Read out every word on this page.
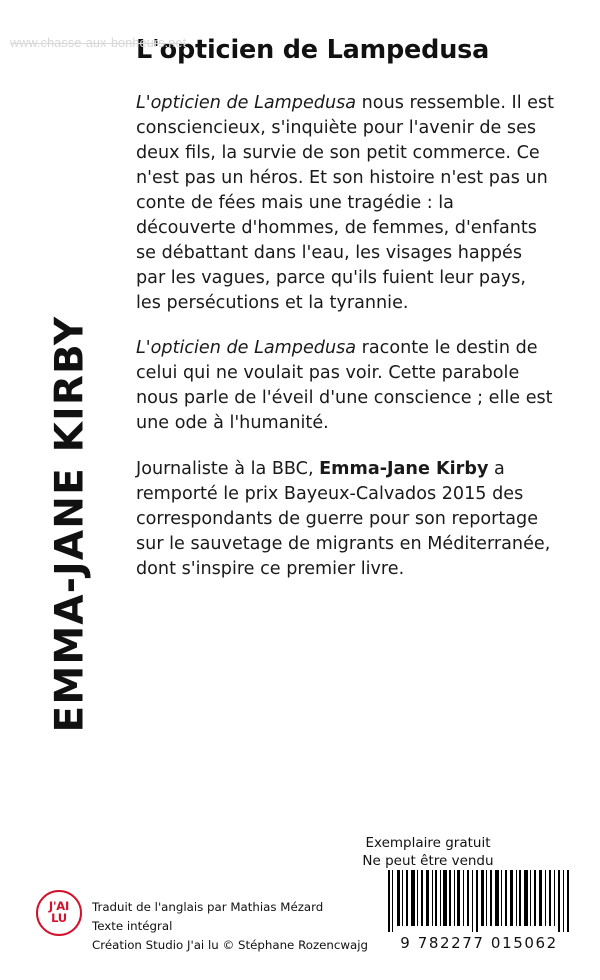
EMMA-JANE KIRBY
www.chasse-aux-bonheurs.net
L'opticien de Lampedusa

L'opticien de Lampedusa nous ressemble. Il est consciencieux, s'inquiète pour l'avenir de ses deux fils, la survie de son petit commerce. Ce n'est pas un héros. Et son histoire n'est pas un conte de fées mais une tragédie : la découverte d'hommes, de femmes, d'enfants se débattant dans l'eau, les visages happés par les vagues, parce qu'ils fuient leur pays, les persécutions et la tyrannie.

L'opticien de Lampedusa raconte le destin de celui qui ne voulait pas voir. Cette parabole nous parle de l'éveil d'une conscience ; elle est une ode à l'humanité.

Journaliste à la BBC, Emma-Jane Kirby a remporté le prix Bayeux-Calvados 2015 des correspondants de guerre pour son reportage sur le sauvetage de migrants en Méditerranée, dont s'inspire ce premier livre.

Exemplaire gratuit
Ne peut être vendu
J'AI
LU
Traduit de l'anglais par Mathias Mézard
Texte intégral
Création Studio J'ai lu © Stéphane Rozencwajg	9 782277 015062
